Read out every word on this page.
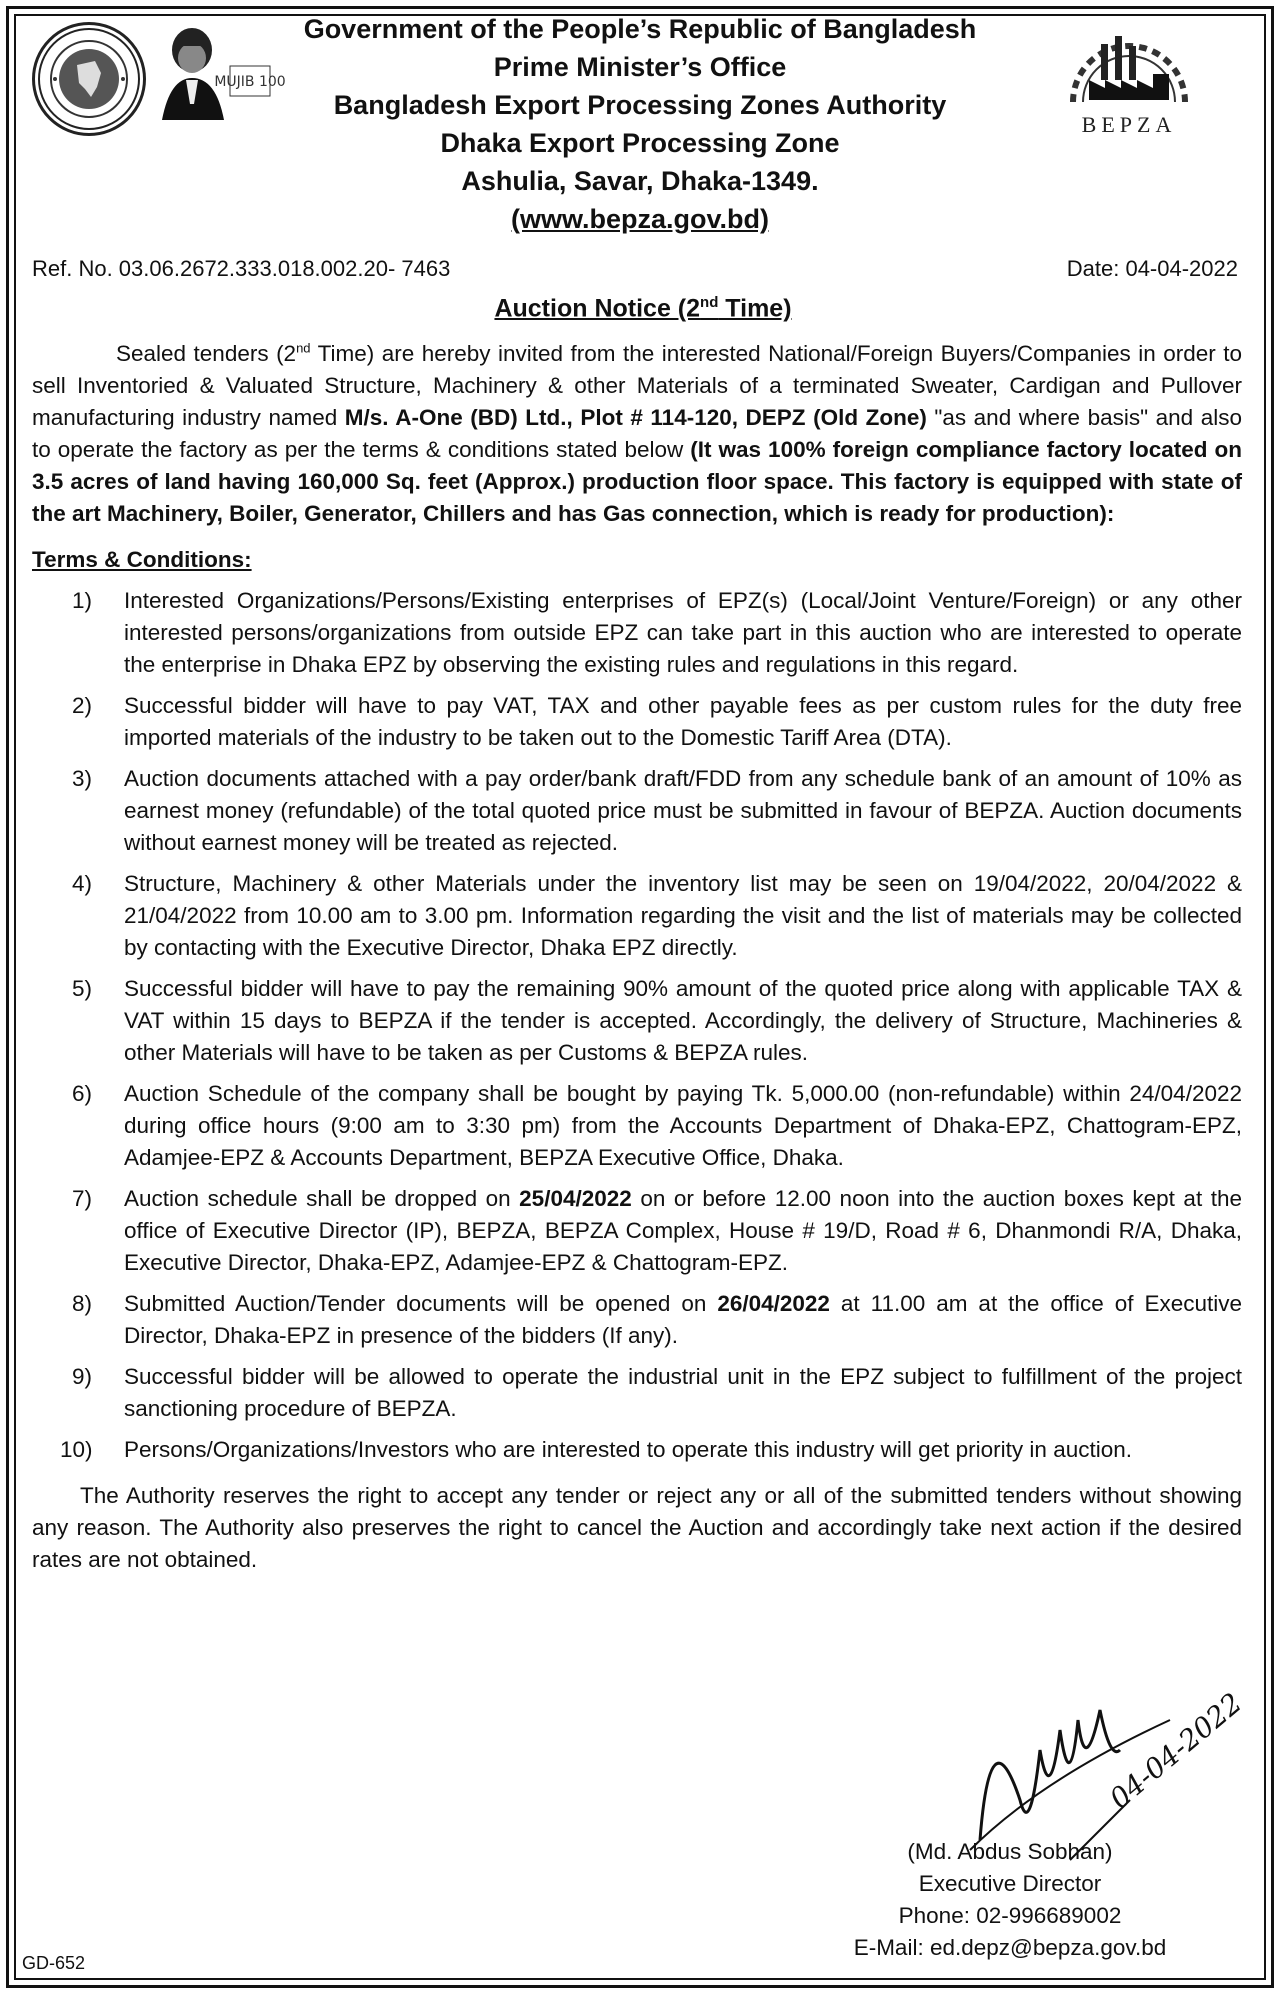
MUJIB 100
BEPZA
Government of the People’s Republic of Bangladesh
Prime Minister’s Office
Bangladesh Export Processing Zones Authority
Dhaka Export Processing Zone
Ashulia, Savar, Dhaka-1349.
(www.bepza.gov.bd)
Ref. No. 03.06.2672.333.018.002.20- 7463	Date: 04-04-2022
Auction Notice (2nd Time)

Sealed tenders (2nd Time) are hereby invited from the interested National/Foreign Buyers/Companies in order to sell Inventoried & Valuated Structure, Machinery & other Materials of a terminated Sweater, Cardigan and Pullover manufacturing industry named M/s. A-One (BD) Ltd., Plot # 114-120, DEPZ (Old Zone) "as and where basis" and also to operate the factory as per the terms & conditions stated below (It was 100% foreign compliance factory located on 3.5 acres of land having 160,000 Sq. feet (Approx.) production floor space. This factory is equipped with state of the art Machinery, Boiler, Generator, Chillers and has Gas connection, which is ready for production):

Terms & Conditions:

1)	Interested Organizations/Persons/Existing enterprises of EPZ(s) (Local/Joint Venture/Foreign) or any other interested persons/organizations from outside EPZ can take part in this auction who are interested to operate the enterprise in Dhaka EPZ by observing the existing rules and regulations in this regard.
2)	Successful bidder will have to pay VAT, TAX and other payable fees as per custom rules for the duty free imported materials of the industry to be taken out to the Domestic Tariff Area (DTA).
3)	Auction documents attached with a pay order/bank draft/FDD from any schedule bank of an amount of 10% as earnest money (refundable) of the total quoted price must be submitted in favour of BEPZA. Auction documents without earnest money will be treated as rejected.
4)	Structure, Machinery & other Materials under the inventory list may be seen on 19/04/2022, 20/04/2022 & 21/04/2022 from 10.00 am to 3.00 pm. Information regarding the visit and the list of materials may be collected by contacting with the Executive Director, Dhaka EPZ directly.
5)	Successful bidder will have to pay the remaining 90% amount of the quoted price along with applicable TAX & VAT within 15 days to BEPZA if the tender is accepted. Accordingly, the delivery of Structure, Machineries & other Materials will have to be taken as per Customs & BEPZA rules.
6)	Auction Schedule of the company shall be bought by paying Tk. 5,000.00 (non-refundable) within 24/04/2022 during office hours (9:00 am to 3:30 pm) from the Accounts Department of Dhaka-EPZ, Chattogram-EPZ, Adamjee-EPZ & Accounts Department, BEPZA Executive Office, Dhaka.
7)	Auction schedule shall be dropped on 25/04/2022 on or before 12.00 noon into the auction boxes kept at the office of Executive Director (IP), BEPZA, BEPZA Complex, House # 19/D, Road # 6, Dhanmondi R/A, Dhaka, Executive Director, Dhaka-EPZ, Adamjee-EPZ & Chattogram-EPZ.
8)	Submitted Auction/Tender documents will be opened on 26/04/2022 at 11.00 am at the office of Executive Director, Dhaka-EPZ in presence of the bidders (If any).
9)	Successful bidder will be allowed to operate the industrial unit in the EPZ subject to fulfillment of the project sanctioning procedure of BEPZA.
10)	Persons/Organizations/Investors who are interested to operate this industry will get priority in auction.

The Authority reserves the right to accept any tender or reject any or all of the submitted tenders without showing any reason. The Authority also preserves the right to cancel the Auction and accordingly take next action if the desired rates are not obtained.

04-04-2022
(Md. Abdus Sobhan)
Executive Director
Phone: 02-996689002
E-Mail: ed.depz@bepza.gov.bd
GD-652
